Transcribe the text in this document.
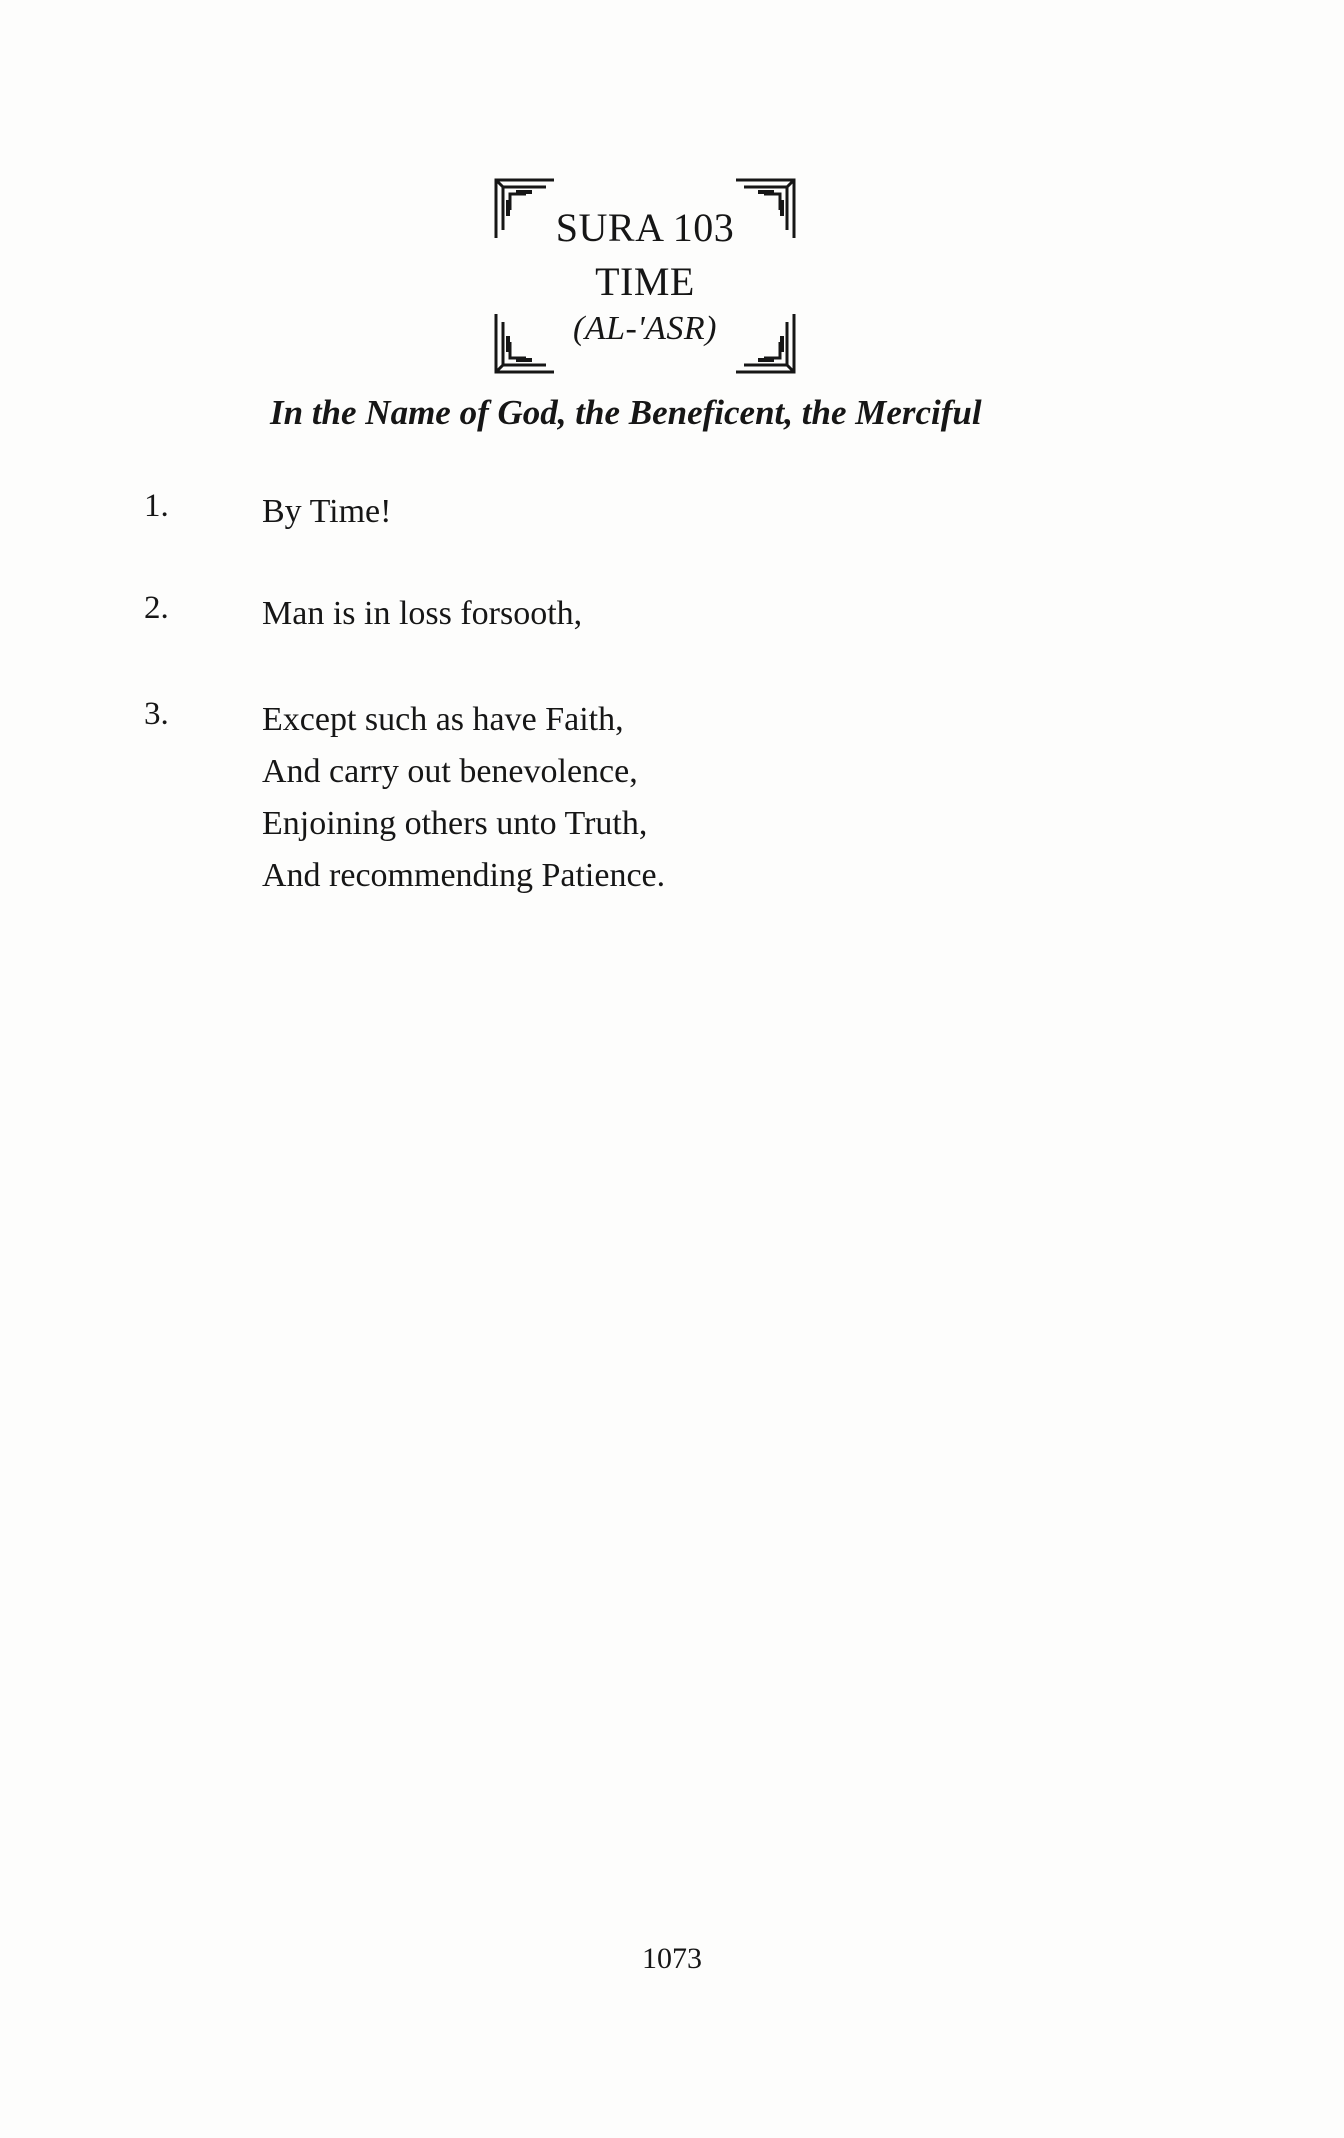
SURA 103
TIME
(AL-'ASR)
In the Name of God, the Beneficent, the Merciful
1.	By Time!
2.	Man is in loss forsooth,
3.	Except such as have Faith,
And carry out benevolence,
Enjoining others unto Truth,
And recommending Patience.
1073
